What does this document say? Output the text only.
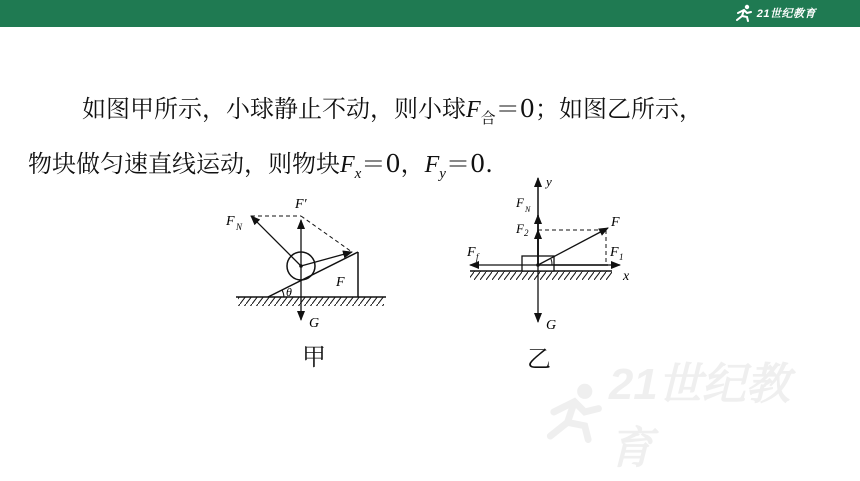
21世纪教育
如图甲所示，小球静止不动，则小球$F_合=0$；如图乙所示，
物块做匀速直线运动，则物块$F_x=0$，$F_y=0$.
F N
F′
F
θ
G
y
x
F N
F 2
F
F f	F 1
G
甲	乙
21世纪教育
